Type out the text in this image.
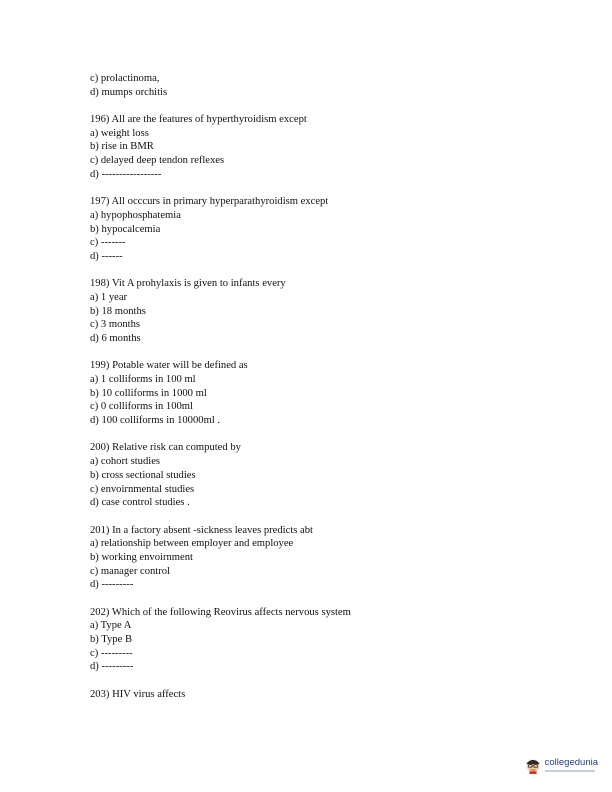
c) prolactinoma,

d) mumps orchitis

196) All are the features of hyperthyroidism except

a) weight loss

b) rise in BMR

c) delayed deep tendon reflexes

d) -----------------

197) All occcurs in primary hyperparathyroidism except

a) hypophosphatemia

b) hypocalcemia

c) -------

d) ------

198) Vit A prohylaxis is given to infants every

a) 1 year

b) 18 months

c) 3 months

d) 6 months

199) Potable water will be defined as

a) 1 colliforms in 100 ml

b) 10 colliforms in 1000 ml

c) 0 colliforms in 100ml

d) 100 colliforms in 10000ml .

200) Relative risk can computed by

a) cohort studies

b) cross sectional studies

c) envoirnmental studies

d) case control studies .

201) In a factory absent -sickness leaves predicts abt

a) relationship between employer and employee

b) working envoirnment

c) manager control

d) ---------

202) Which of the following Reovirus affects nervous system

a) Type A

b) Type B

c) ---------

d) ---------

203) HIV virus affects

collegedunia
